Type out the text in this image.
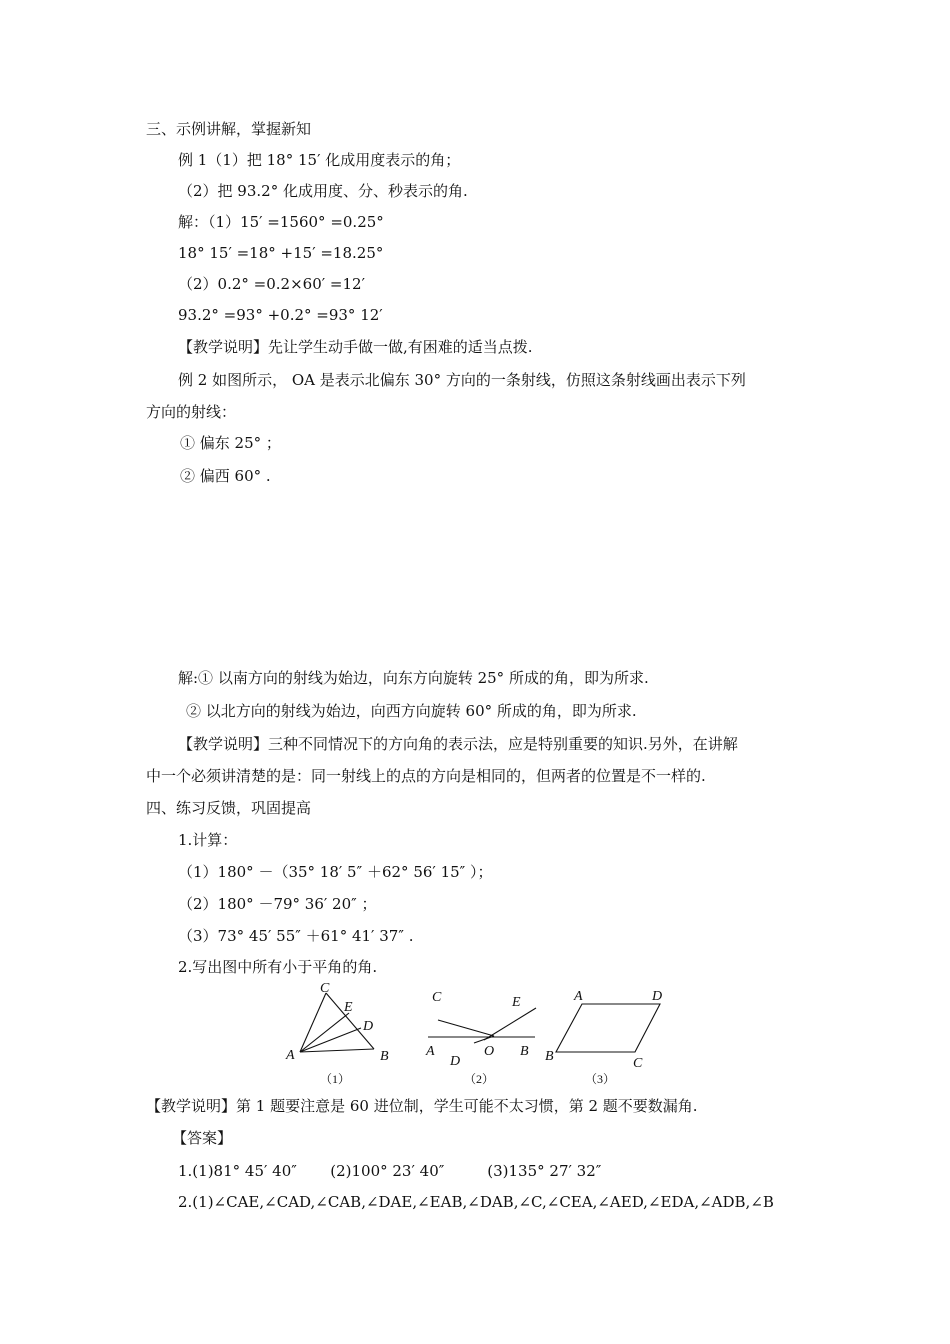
三、示例讲解，掌握新知
例 1（1）把 18° 15′ 化成用度表示的角；
（2）把 93.2° 化成用度、分、秒表示的角.
解：（1）15′ =1560° =0.25°
18° 15′ =18° +15′ =18.25°
（2）0.2° =0.2×60′ =12′
93.2° =93° +0.2° =93° 12′
【教学说明】先让学生动手做一做,有困难的适当点拨.
例 2 如图所示， OA 是表示北偏东 30° 方向的一条射线，仿照这条射线画出表示下列
方向的射线：
① 偏东 25° ；
② 偏西 60° .
解:① 以南方向的射线为始边，向东方向旋转 25° 所成的角，即为所求.
② 以北方向的射线为始边，向西方向旋转 60° 所成的角，即为所求.
【教学说明】三种不同情况下的方向角的表示法，应是特别重要的知识.另外，在讲解
中一个必须讲清楚的是：同一射线上的点的方向是相同的，但两者的位置是不一样的.
四、练习反馈，巩固提高
1.计算：
（1）180° －（35° 18′ 5″ ＋62° 56′ 15″ ）；
（2）180° －79° 36′ 20″ ；
（3）73° 45′ 55″ ＋61° 41′ 37″ .
2.写出图中所有小于平角的角.
C
E
D
A	B
（1）
C	E
A	O B
D
（2）
A	D
B	C
（3）
【教学说明】第 1 题要注意是 60 进位制，学生可能不太习惯，第 2 题不要数漏角.
【答案】
1.(1)81° 45′ 40″       (2)100° 23′ 40″         (3)135° 27′ 32″
2.(1)∠CAE,∠CAD,∠CAB,∠DAE,∠EAB,∠DAB,∠C,∠CEA,∠AED,∠EDA,∠ADB,∠B
